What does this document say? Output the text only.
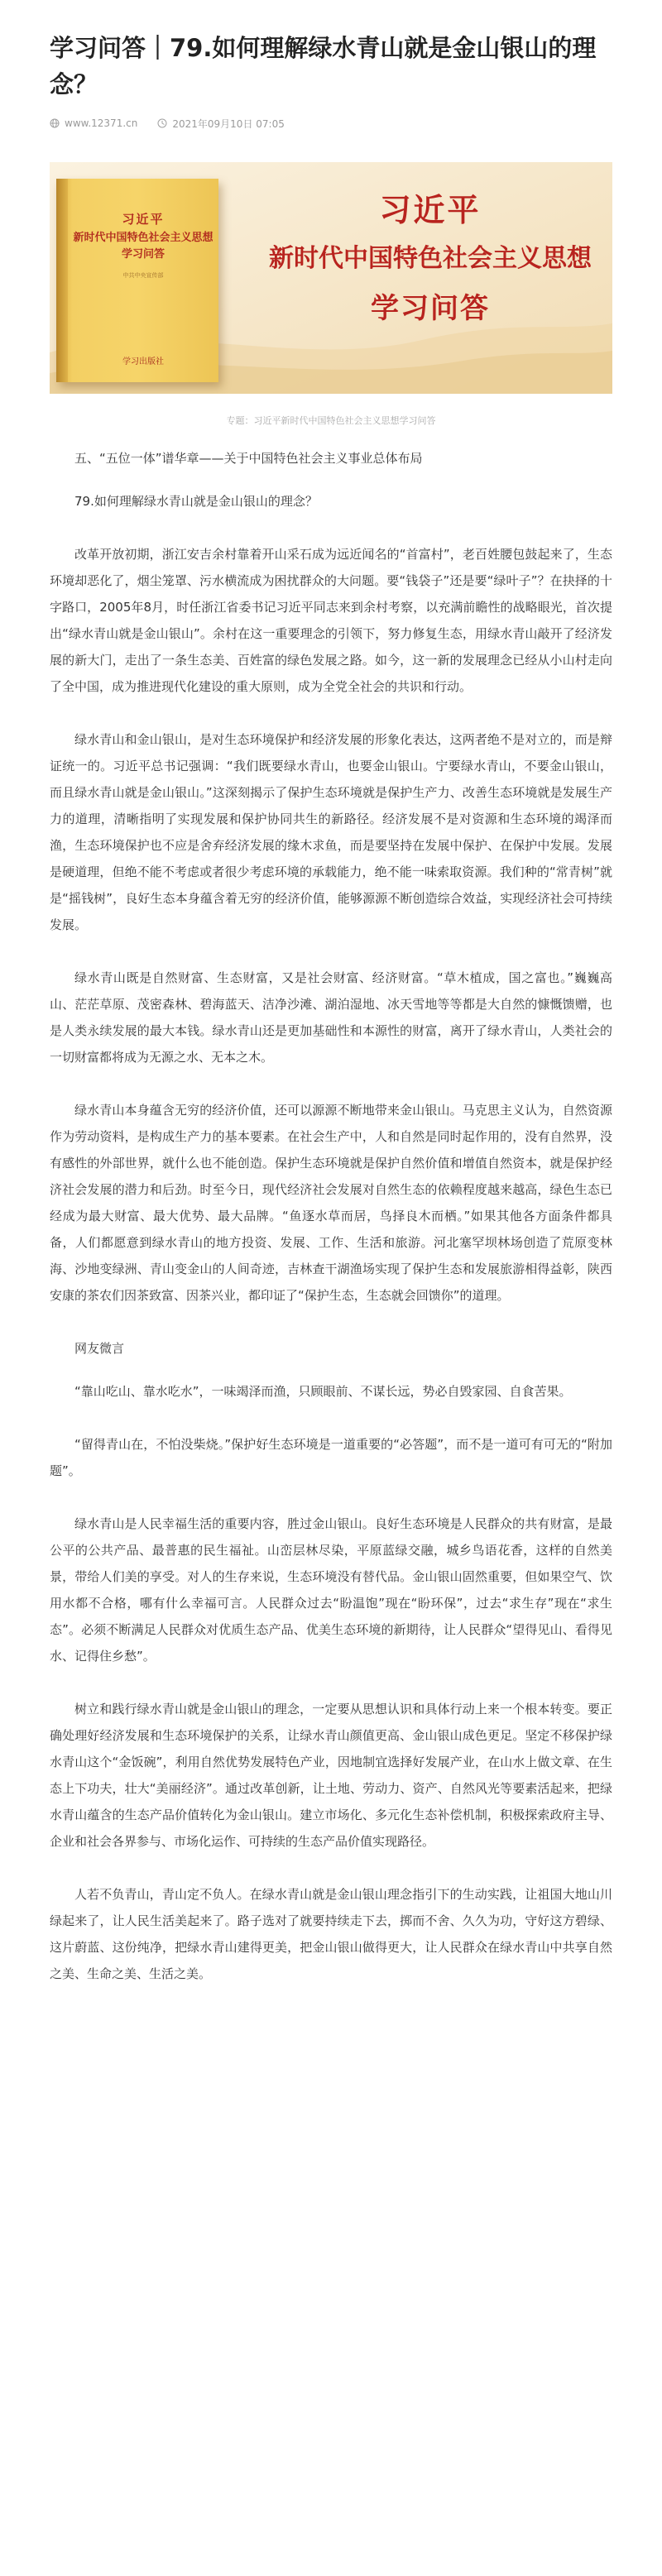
学习问答｜79.如何理解绿水青山就是金山银山的理念？
www.12371.cn	2021年09月10日 07:05
习近平
新时代中国特色社会主义思想
学习问答
中共中央宣传部
学习出版社
习近平
新时代中国特色社会主义思想
学习问答
专题：习近平新时代中国特色社会主义思想学习问答

五、“五位一体”谱华章——关于中国特色社会主义事业总体布局

79.如何理解绿水青山就是金山银山的理念？

改革开放初期，浙江安吉余村靠着开山采石成为远近闻名的“首富村”，老百姓腰包鼓起来了，生态环境却恶化了，烟尘笼罩、污水横流成为困扰群众的大问题。要“钱袋子”还是要“绿叶子”？在抉择的十字路口，2005年8月，时任浙江省委书记习近平同志来到余村考察，以充满前瞻性的战略眼光，首次提出“绿水青山就是金山银山”。余村在这一重要理念的引领下，努力修复生态，用绿水青山敲开了经济发展的新大门，走出了一条生态美、百姓富的绿色发展之路。如今，这一新的发展理念已经从小山村走向了全中国，成为推进现代化建设的重大原则，成为全党全社会的共识和行动。

绿水青山和金山银山，是对生态环境保护和经济发展的形象化表达，这两者绝不是对立的，而是辩证统一的。习近平总书记强调：“我们既要绿水青山，也要金山银山。宁要绿水青山，不要金山银山，而且绿水青山就是金山银山。”这深刻揭示了保护生态环境就是保护生产力、改善生态环境就是发展生产力的道理，清晰指明了实现发展和保护协同共生的新路径。经济发展不是对资源和生态环境的竭泽而渔，生态环境保护也不应是舍弃经济发展的缘木求鱼，而是要坚持在发展中保护、在保护中发展。发展是硬道理，但绝不能不考虑或者很少考虑环境的承载能力，绝不能一味索取资源。我们种的“常青树”就是“摇钱树”，良好生态本身蕴含着无穷的经济价值，能够源源不断创造综合效益，实现经济社会可持续发展。

绿水青山既是自然财富、生态财富，又是社会财富、经济财富。“草木植成，国之富也。”巍巍高山、茫茫草原、茂密森林、碧海蓝天、洁净沙滩、湖泊湿地、冰天雪地等等都是大自然的慷慨馈赠，也是人类永续发展的最大本钱。绿水青山还是更加基础性和本源性的财富，离开了绿水青山，人类社会的一切财富都将成为无源之水、无本之木。

绿水青山本身蕴含无穷的经济价值，还可以源源不断地带来金山银山。马克思主义认为，自然资源作为劳动资料，是构成生产力的基本要素。在社会生产中，人和自然是同时起作用的，没有自然界，没有感性的外部世界，就什么也不能创造。保护生态环境就是保护自然价值和增值自然资本，就是保护经济社会发展的潜力和后劲。时至今日，现代经济社会发展对自然生态的依赖程度越来越高，绿色生态已经成为最大财富、最大优势、最大品牌。“鱼逐水草而居，鸟择良木而栖。”如果其他各方面条件都具备，人们都愿意到绿水青山的地方投资、发展、工作、生活和旅游。河北塞罕坝林场创造了荒原变林海、沙地变绿洲、青山变金山的人间奇迹，吉林查干湖渔场实现了保护生态和发展旅游相得益彰，陕西安康的茶农们因茶致富、因茶兴业，都印证了“保护生态，生态就会回馈你”的道理。

网友微言

“靠山吃山、靠水吃水”，一味竭泽而渔，只顾眼前、不谋长远，势必自毁家园、自食苦果。

“留得青山在，不怕没柴烧。”保护好生态环境是一道重要的“必答题”，而不是一道可有可无的“附加题”。

绿水青山是人民幸福生活的重要内容，胜过金山银山。良好生态环境是人民群众的共有财富，是最公平的公共产品、最普惠的民生福祉。山峦层林尽染，平原蓝绿交融，城乡鸟语花香，这样的自然美景，带给人们美的享受。对人的生存来说，生态环境没有替代品。金山银山固然重要，但如果空气、饮用水都不合格，哪有什么幸福可言。人民群众过去“盼温饱”现在“盼环保”，过去“求生存”现在“求生态”。必须不断满足人民群众对优质生态产品、优美生态环境的新期待，让人民群众“望得见山、看得见水、记得住乡愁”。

树立和践行绿水青山就是金山银山的理念，一定要从思想认识和具体行动上来一个根本转变。要正确处理好经济发展和生态环境保护的关系，让绿水青山颜值更高、金山银山成色更足。坚定不移保护绿水青山这个“金饭碗”，利用自然优势发展特色产业，因地制宜选择好发展产业，在山水上做文章、在生态上下功夫，壮大“美丽经济”。通过改革创新，让土地、劳动力、资产、自然风光等要素活起来，把绿水青山蕴含的生态产品价值转化为金山银山。建立市场化、多元化生态补偿机制，积极探索政府主导、企业和社会各界参与、市场化运作、可持续的生态产品价值实现路径。

人若不负青山，青山定不负人。在绿水青山就是金山银山理念指引下的生动实践，让祖国大地山川绿起来了，让人民生活美起来了。路子选对了就要持续走下去，掷而不舍、久久为功，守好这方碧绿、这片蔚蓝、这份纯净，把绿水青山建得更美，把金山银山做得更大，让人民群众在绿水青山中共享自然之美、生命之美、生活之美。
